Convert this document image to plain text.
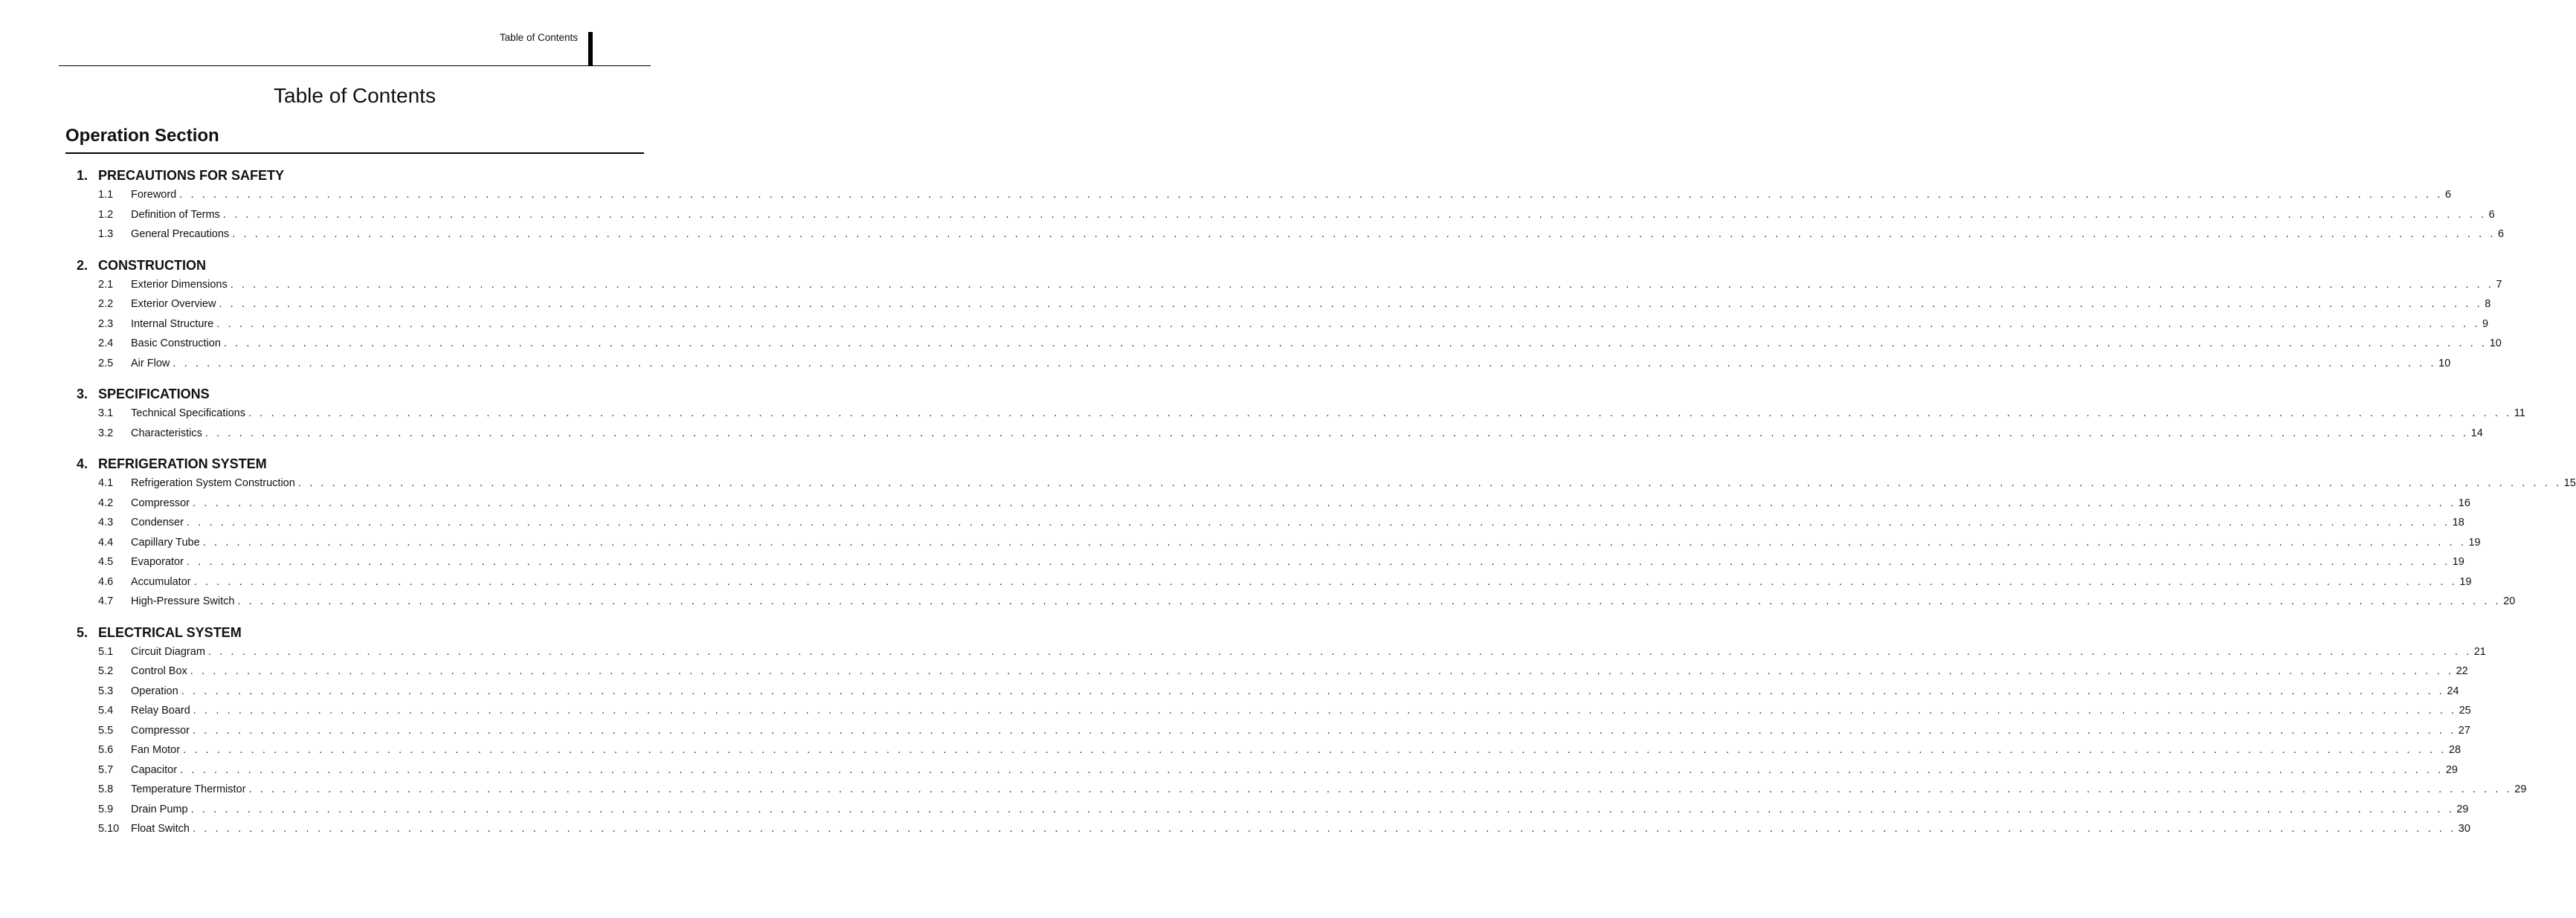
Table of Contents
Table of Contents
Operation Section
1. PRECAUTIONS FOR SAFETY
1.1	Foreword . . . . . . . . . . . . . . . . . . . . . . . . . . . . . . . . . . . . . . . . . . . . . . . . . . . . . . . . . . . . . . . . . . . . . . . . . . . . . . . . . . . . . . . . . . . . . . . . . . . . . . . . . . . . . . . . . . . . . . . . . . . . . . . . . . . . . . . . . . . . . . . . . . . . . . . . . . . . . . . . . . . . . . . . . . . . . . . . . . . . . . . . . . . . . . . . . . . . . . . . 6
1.2	Definition of Terms . . . . . . . . . . . . . . . . . . . . . . . . . . . . . . . . . . . . . . . . . . . . . . . . . . . . . . . . . . . . . . . . . . . . . . . . . . . . . . . . . . . . . . . . . . . . . . . . . . . . . . . . . . . . . . . . . . . . . . . . . . . . . . . . . . . . . . . . . . . . . . . . . . . . . . . . . . . . . . . . . . . . . . . . . . . . . . . . . . . . . . . . . . . . . . . . . . . . . . . . 6
1.3	General Precautions . . . . . . . . . . . . . . . . . . . . . . . . . . . . . . . . . . . . . . . . . . . . . . . . . . . . . . . . . . . . . . . . . . . . . . . . . . . . . . . . . . . . . . . . . . . . . . . . . . . . . . . . . . . . . . . . . . . . . . . . . . . . . . . . . . . . . . . . . . . . . . . . . . . . . . . . . . . . . . . . . . . . . . . . . . . . . . . . . . . . . . . . . . . . . . . . . . . . . . . . 6
2. CONSTRUCTION
2.1	Exterior Dimensions . . . . . . . . . . . . . . . . . . . . . . . . . . . . . . . . . . . . . . . . . . . . . . . . . . . . . . . . . . . . . . . . . . . . . . . . . . . . . . . . . . . . . . . . . . . . . . . . . . . . . . . . . . . . . . . . . . . . . . . . . . . . . . . . . . . . . . . . . . . . . . . . . . . . . . . . . . . . . . . . . . . . . . . . . . . . . . . . . . . . . . . . . . . . . . . . . . . . . . . . 7
2.2	Exterior Overview . . . . . . . . . . . . . . . . . . . . . . . . . . . . . . . . . . . . . . . . . . . . . . . . . . . . . . . . . . . . . . . . . . . . . . . . . . . . . . . . . . . . . . . . . . . . . . . . . . . . . . . . . . . . . . . . . . . . . . . . . . . . . . . . . . . . . . . . . . . . . . . . . . . . . . . . . . . . . . . . . . . . . . . . . . . . . . . . . . . . . . . . . . . . . . . . . . . . . . . . 8
2.3	Internal Structure . . . . . . . . . . . . . . . . . . . . . . . . . . . . . . . . . . . . . . . . . . . . . . . . . . . . . . . . . . . . . . . . . . . . . . . . . . . . . . . . . . . . . . . . . . . . . . . . . . . . . . . . . . . . . . . . . . . . . . . . . . . . . . . . . . . . . . . . . . . . . . . . . . . . . . . . . . . . . . . . . . . . . . . . . . . . . . . . . . . . . . . . . . . . . . . . . . . . . . . . 9
2.4	Basic Construction . . . . . . . . . . . . . . . . . . . . . . . . . . . . . . . . . . . . . . . . . . . . . . . . . . . . . . . . . . . . . . . . . . . . . . . . . . . . . . . . . . . . . . . . . . . . . . . . . . . . . . . . . . . . . . . . . . . . . . . . . . . . . . . . . . . . . . . . . . . . . . . . . . . . . . . . . . . . . . . . . . . . . . . . . . . . . . . . . . . . . . . . . . . . . . . . . . . . . . . . 10
2.5	Air Flow . . . . . . . . . . . . . . . . . . . . . . . . . . . . . . . . . . . . . . . . . . . . . . . . . . . . . . . . . . . . . . . . . . . . . . . . . . . . . . . . . . . . . . . . . . . . . . . . . . . . . . . . . . . . . . . . . . . . . . . . . . . . . . . . . . . . . . . . . . . . . . . . . . . . . . . . . . . . . . . . . . . . . . . . . . . . . . . . . . . . . . . . . . . . . . . . . . . . . . . . 10
3. SPECIFICATIONS
3.1	Technical Specifications . . . . . . . . . . . . . . . . . . . . . . . . . . . . . . . . . . . . . . . . . . . . . . . . . . . . . . . . . . . . . . . . . . . . . . . . . . . . . . . . . . . . . . . . . . . . . . . . . . . . . . . . . . . . . . . . . . . . . . . . . . . . . . . . . . . . . . . . . . . . . . . . . . . . . . . . . . . . . . . . . . . . . . . . . . . . . . . . . . . . . . . . . . . . . . . . . . . . . . . . 11
3.2	Characteristics . . . . . . . . . . . . . . . . . . . . . . . . . . . . . . . . . . . . . . . . . . . . . . . . . . . . . . . . . . . . . . . . . . . . . . . . . . . . . . . . . . . . . . . . . . . . . . . . . . . . . . . . . . . . . . . . . . . . . . . . . . . . . . . . . . . . . . . . . . . . . . . . . . . . . . . . . . . . . . . . . . . . . . . . . . . . . . . . . . . . . . . . . . . . . . . . . . . . . . . . 14
4. REFRIGERATION SYSTEM
4.1	Refrigeration System Construction . . . . . . . . . . . . . . . . . . . . . . . . . . . . . . . . . . . . . . . . . . . . . . . . . . . . . . . . . . . . . . . . . . . . . . . . . . . . . . . . . . . . . . . . . . . . . . . . . . . . . . . . . . . . . . . . . . . . . . . . . . . . . . . . . . . . . . . . . . . . . . . . . . . . . . . . . . . . . . . . . . . . . . . . . . . . . . . . . . . . . . . . . . . . . . . . . . . . . . . . 15
4.2	Compressor . . . . . . . . . . . . . . . . . . . . . . . . . . . . . . . . . . . . . . . . . . . . . . . . . . . . . . . . . . . . . . . . . . . . . . . . . . . . . . . . . . . . . . . . . . . . . . . . . . . . . . . . . . . . . . . . . . . . . . . . . . . . . . . . . . . . . . . . . . . . . . . . . . . . . . . . . . . . . . . . . . . . . . . . . . . . . . . . . . . . . . . . . . . . . . . . . . . . . . . . 16
4.3	Condenser . . . . . . . . . . . . . . . . . . . . . . . . . . . . . . . . . . . . . . . . . . . . . . . . . . . . . . . . . . . . . . . . . . . . . . . . . . . . . . . . . . . . . . . . . . . . . . . . . . . . . . . . . . . . . . . . . . . . . . . . . . . . . . . . . . . . . . . . . . . . . . . . . . . . . . . . . . . . . . . . . . . . . . . . . . . . . . . . . . . . . . . . . . . . . . . . . . . . . . . . 18
4.4	Capillary Tube . . . . . . . . . . . . . . . . . . . . . . . . . . . . . . . . . . . . . . . . . . . . . . . . . . . . . . . . . . . . . . . . . . . . . . . . . . . . . . . . . . . . . . . . . . . . . . . . . . . . . . . . . . . . . . . . . . . . . . . . . . . . . . . . . . . . . . . . . . . . . . . . . . . . . . . . . . . . . . . . . . . . . . . . . . . . . . . . . . . . . . . . . . . . . . . . . . . . . . . . 19
4.5	Evaporator . . . . . . . . . . . . . . . . . . . . . . . . . . . . . . . . . . . . . . . . . . . . . . . . . . . . . . . . . . . . . . . . . . . . . . . . . . . . . . . . . . . . . . . . . . . . . . . . . . . . . . . . . . . . . . . . . . . . . . . . . . . . . . . . . . . . . . . . . . . . . . . . . . . . . . . . . . . . . . . . . . . . . . . . . . . . . . . . . . . . . . . . . . . . . . . . . . . . . . . . 19
4.6	Accumulator . . . . . . . . . . . . . . . . . . . . . . . . . . . . . . . . . . . . . . . . . . . . . . . . . . . . . . . . . . . . . . . . . . . . . . . . . . . . . . . . . . . . . . . . . . . . . . . . . . . . . . . . . . . . . . . . . . . . . . . . . . . . . . . . . . . . . . . . . . . . . . . . . . . . . . . . . . . . . . . . . . . . . . . . . . . . . . . . . . . . . . . . . . . . . . . . . . . . . . . . 19
4.7	High-Pressure Switch . . . . . . . . . . . . . . . . . . . . . . . . . . . . . . . . . . . . . . . . . . . . . . . . . . . . . . . . . . . . . . . . . . . . . . . . . . . . . . . . . . . . . . . . . . . . . . . . . . . . . . . . . . . . . . . . . . . . . . . . . . . . . . . . . . . . . . . . . . . . . . . . . . . . . . . . . . . . . . . . . . . . . . . . . . . . . . . . . . . . . . . . . . . . . . . . . . . . . . . . 20
5. ELECTRICAL SYSTEM
5.1	Circuit Diagram . . . . . . . . . . . . . . . . . . . . . . . . . . . . . . . . . . . . . . . . . . . . . . . . . . . . . . . . . . . . . . . . . . . . . . . . . . . . . . . . . . . . . . . . . . . . . . . . . . . . . . . . . . . . . . . . . . . . . . . . . . . . . . . . . . . . . . . . . . . . . . . . . . . . . . . . . . . . . . . . . . . . . . . . . . . . . . . . . . . . . . . . . . . . . . . . . . . . . . . . 21
5.2	Control Box . . . . . . . . . . . . . . . . . . . . . . . . . . . . . . . . . . . . . . . . . . . . . . . . . . . . . . . . . . . . . . . . . . . . . . . . . . . . . . . . . . . . . . . . . . . . . . . . . . . . . . . . . . . . . . . . . . . . . . . . . . . . . . . . . . . . . . . . . . . . . . . . . . . . . . . . . . . . . . . . . . . . . . . . . . . . . . . . . . . . . . . . . . . . . . . . . . . . . . . . 22
5.3	Operation . . . . . . . . . . . . . . . . . . . . . . . . . . . . . . . . . . . . . . . . . . . . . . . . . . . . . . . . . . . . . . . . . . . . . . . . . . . . . . . . . . . . . . . . . . . . . . . . . . . . . . . . . . . . . . . . . . . . . . . . . . . . . . . . . . . . . . . . . . . . . . . . . . . . . . . . . . . . . . . . . . . . . . . . . . . . . . . . . . . . . . . . . . . . . . . . . . . . . . . . 24
5.4	Relay Board . . . . . . . . . . . . . . . . . . . . . . . . . . . . . . . . . . . . . . . . . . . . . . . . . . . . . . . . . . . . . . . . . . . . . . . . . . . . . . . . . . . . . . . . . . . . . . . . . . . . . . . . . . . . . . . . . . . . . . . . . . . . . . . . . . . . . . . . . . . . . . . . . . . . . . . . . . . . . . . . . . . . . . . . . . . . . . . . . . . . . . . . . . . . . . . . . . . . . . . . 25
5.5	Compressor . . . . . . . . . . . . . . . . . . . . . . . . . . . . . . . . . . . . . . . . . . . . . . . . . . . . . . . . . . . . . . . . . . . . . . . . . . . . . . . . . . . . . . . . . . . . . . . . . . . . . . . . . . . . . . . . . . . . . . . . . . . . . . . . . . . . . . . . . . . . . . . . . . . . . . . . . . . . . . . . . . . . . . . . . . . . . . . . . . . . . . . . . . . . . . . . . . . . . . . . 27
5.6	Fan Motor . . . . . . . . . . . . . . . . . . . . . . . . . . . . . . . . . . . . . . . . . . . . . . . . . . . . . . . . . . . . . . . . . . . . . . . . . . . . . . . . . . . . . . . . . . . . . . . . . . . . . . . . . . . . . . . . . . . . . . . . . . . . . . . . . . . . . . . . . . . . . . . . . . . . . . . . . . . . . . . . . . . . . . . . . . . . . . . . . . . . . . . . . . . . . . . . . . . . . . . . 28
5.7	Capacitor . . . . . . . . . . . . . . . . . . . . . . . . . . . . . . . . . . . . . . . . . . . . . . . . . . . . . . . . . . . . . . . . . . . . . . . . . . . . . . . . . . . . . . . . . . . . . . . . . . . . . . . . . . . . . . . . . . . . . . . . . . . . . . . . . . . . . . . . . . . . . . . . . . . . . . . . . . . . . . . . . . . . . . . . . . . . . . . . . . . . . . . . . . . . . . . . . . . . . . . . 29
5.8	Temperature Thermistor . . . . . . . . . . . . . . . . . . . . . . . . . . . . . . . . . . . . . . . . . . . . . . . . . . . . . . . . . . . . . . . . . . . . . . . . . . . . . . . . . . . . . . . . . . . . . . . . . . . . . . . . . . . . . . . . . . . . . . . . . . . . . . . . . . . . . . . . . . . . . . . . . . . . . . . . . . . . . . . . . . . . . . . . . . . . . . . . . . . . . . . . . . . . . . . . . . . . . . . . 29
5.9	Drain Pump . . . . . . . . . . . . . . . . . . . . . . . . . . . . . . . . . . . . . . . . . . . . . . . . . . . . . . . . . . . . . . . . . . . . . . . . . . . . . . . . . . . . . . . . . . . . . . . . . . . . . . . . . . . . . . . . . . . . . . . . . . . . . . . . . . . . . . . . . . . . . . . . . . . . . . . . . . . . . . . . . . . . . . . . . . . . . . . . . . . . . . . . . . . . . . . . . . . . . . . . 29
5.10	Float Switch . . . . . . . . . . . . . . . . . . . . . . . . . . . . . . . . . . . . . . . . . . . . . . . . . . . . . . . . . . . . . . . . . . . . . . . . . . . . . . . . . . . . . . . . . . . . . . . . . . . . . . . . . . . . . . . . . . . . . . . . . . . . . . . . . . . . . . . . . . . . . . . . . . . . . . . . . . . . . . . . . . . . . . . . . . . . . . . . . . . . . . . . . . . . . . . . . . . . . . . . 30
